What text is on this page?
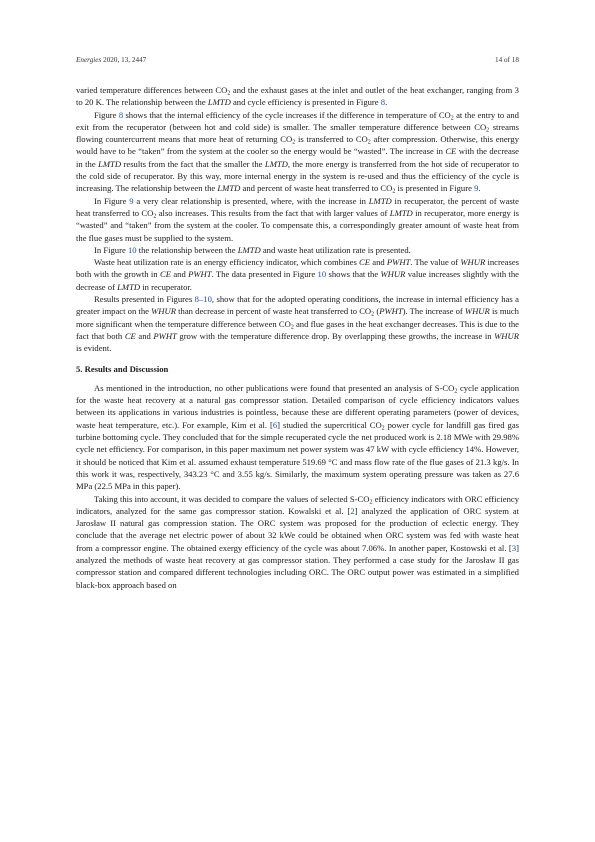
Energies 2020, 13, 2447	14 of 18

varied temperature differences between $CO_2$ and the exhaust gases at the inlet and outlet of the heat exchanger, ranging from 3 to 20 K. The relationship between the LMTD and cycle efficiency is presented in Figure 8.

Figure 8 shows that the internal efficiency of the cycle increases if the difference in temperature of $CO_2$ at the entry to and exit from the recuperator (between hot and cold side) is smaller. The smaller temperature difference between $CO_2$ streams flowing countercurrent means that more heat of returning $CO_2$ is transferred to $CO_2$ after compression. Otherwise, this energy would have to be “taken” from the system at the cooler so the energy would be “wasted”. The increase in CE with the decrease in the LMTD results from the fact that the smaller the LMTD, the more energy is transferred from the hot side of recuperator to the cold side of recuperator. By this way, more internal energy in the system is re-used and thus the efficiency of the cycle is increasing. The relationship between the LMTD and percent of waste heat transferred to $CO_2$ is presented in Figure 9.

In Figure 9 a very clear relationship is presented, where, with the increase in LMTD in recuperator, the percent of waste heat transferred to $CO_2$ also increases. This results from the fact that with larger values of LMTD in recuperator, more energy is “wasted” and “taken” from the system at the cooler. To compensate this, a correspondingly greater amount of waste heat from the flue gases must be supplied to the system.

In Figure 10 the relationship between the LMTD and waste heat utilization rate is presented.

Waste heat utilization rate is an energy efficiency indicator, which combines CE and PWHT. The value of WHUR increases both with the growth in CE and PWHT. The data presented in Figure 10 shows that the WHUR value increases slightly with the decrease of LMTD in recuperator.

Results presented in Figures 8–10, show that for the adopted operating conditions, the increase in internal efficiency has a greater impact on the WHUR than decrease in percent of waste heat transferred to $CO_2$ (PWHT). The increase of WHUR is much more significant when the temperature difference between $CO_2$ and flue gases in the heat exchanger decreases. This is due to the fact that both CE and PWHT grow with the temperature difference drop. By overlapping these growths, the increase in WHUR is evident.

5. Results and Discussion

As mentioned in the introduction, no other publications were found that presented an analysis of $S-CO_2$ cycle application for the waste heat recovery at a natural gas compressor station. Detailed comparison of cycle efficiency indicators values between its applications in various industries is pointless, because these are different operating parameters (power of devices, waste heat temperature, etc.). For example, Kim et al. [6] studied the supercritical $CO_2$ power cycle for landfill gas fired gas turbine bottoming cycle. They concluded that for the simple recuperated cycle the net produced work is 2.18 MWe with 29.98% cycle net efficiency. For comparison, in this paper maximum net power system was 47 kW with cycle efficiency 14%. However, it should be noticed that Kim et al. assumed exhaust temperature 519.69 °C and mass flow rate of the flue gases of 21.3 kg/s. In this work it was, respectively, 343.23 °C and 3.55 kg/s. Similarly, the maximum system operating pressure was taken as 27.6 MPa (22.5 MPa in this paper).

Taking this into account, it was decided to compare the values of selected $S-CO_2$ efficiency indicators with ORC efficiency indicators, analyzed for the same gas compressor station. Kowalski et al. [2] analyzed the application of ORC system at Jarosław II natural gas compression station. The ORC system was proposed for the production of eclectic energy. They conclude that the average net electric power of about 32 kWe could be obtained when ORC system was fed with waste heat from a compressor engine. The obtained exergy efficiency of the cycle was about 7.06%. In another paper, Kostowski et al. [3] analyzed the methods of waste heat recovery at gas compressor station. They performed a case study for the Jarosław II gas compressor station and compared different technologies including ORC. The ORC output power was estimated in a simplified black-box approach based on
